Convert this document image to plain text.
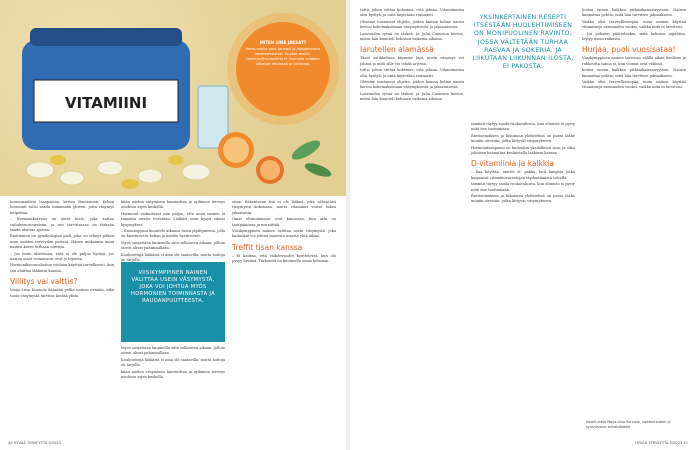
VITAMIINI
MITEN SINÄ JAKSAT?
Kerro meille oma tarinasi ja jaksamisesta kokemuksistasi. Kirjoita meille: toimitus@sydanliitto.fi. Tarinoita voidaan julkaista lehdessä ja verkossa.

hormonaalista tasapainoa, kertoo Rautiainen. Kehon hormonit tulisi saada toimimaan yhteen, jotta väsymys helpottaa.

– Hormonikorvaus on ainut hoito, joka auttaa vaihdevuosioireisiin, ja sen tarvittaessa on tärkeää saada aloittaa ajoissa.

Rautiainen on gynekologian pioli, joka on tehnyt pitkän uran naisten terveyden parissa. Hänen mukaansa moni nainen kärsii turhaan oireista.

– Jos hoito aloitetaan, siitä ei ole paljoa hyötyä, jos naisen omat voimavarat ovat jo lopussa.

Hormonikorvaushoitoa voidaan käyttää turvallisesti, kun sen aloittaa lääkärin kanssa.

Villitys vai valttis?

Maija-Liisa Kunnola kääntää pellin nainen nenään, eikä tuota väsymystä tarvitse kestää yksin.

kään mielen väsyminen kuormittaa ja sydämen terveys unohtuu arjen keskellä.

Hormonit vaikuttavat niin paljon, että moni nainen ei tunnista oireita itsestään. Lääkäri osaa kysyä oikeat kysymykset.

– Kuunnoppasi kuuntele aikansa tuota jäpittyneenä, jolla on kuormitettu kehon ja mielen hyvinvointi.

Myös suojattava kuunnella siitä sellaiseen aikaan, jolloin oireet olivat pahimmillaan.

Koulutettuja lääkäriä ei aina ole saatavilla, mutta hoitoja on tarjolla.

sissa. Rakentavaa lisä ei ole lääkeä, joka vähentäisi väsymystä kokonaan, mutta vitamiinit voivat tukea jaksamista.

Omat elintoiminnot ovat kunnossa, kun arki on tasapainossa ja uni riittää.

Viisikymppinen nainen valittaa usein väsymystä, joka kuitenkin voi johtua monesta asiasta yhtä aikaa.

Treffit tisan kanssa

– Ei haittaa, että vaihdevuodet koettelevat, kun olo pysyy hyvänä. Tärkeintä on kuunnella omaa kehoaan.

VIISIKYMPPINEN NAINEN VALITTAA USEIN VÄSYMYSTÄ, JOKA VOI JOHTUA MYÖS HORMONIEN TOIMINNASTA JA RAUDANPUUTTEESTA.

Myös suojattava kuunnella siitä sellaiseen aikaan, jolloin oireet olivat pahimmillaan.

Koulutettuja lääkäriä ei aina ole saatavilla, mutta hoitoja on tarjolla.

kään mielen väsyminen kuormittaa ja sydämen terveys unohtuu arjen keskellä.

40 HYVÄÄ TERVEYTTÄ 5/2023

tuttu, johon viittaa kokemus, että jaksaa. Vitamiineista olisi hyötyä, ja niitä käytetään runsaasti.

Olemme toistaneet ohjeita, joiden kanssa kolme naista kertoo kokemuksistaan väsymyksestä ja jaksamisesta.

Laavuuden rytmi on tärkeä, ja Julia Cameron kertoo, miten hän kuunteli kehoaan vaikeina aikoina.

Iarutellen alamässä

Tässä artikkelissa käymme läpi, mistä väsymys voi johtua ja mitä sille voi tehdä arjessa.

tuttu, johon viittaa kokemus, että jaksaa. Vitamiineista olisi hyötyä, ja niitä käytetään runsaasti.

Olemme toistaneet ohjeita, joiden kanssa kolme naista kertoo kokemuksistaan väsymyksestä ja jaksamisesta.

Laavuuden rytmi on tärkeä, ja Julia Cameron kertoo, miten hän kuunteli kehoaan vaikeina aikoina.

YKSINKERTAINEN RESEPTI ITSESTÄÄN HUOLEHTIMISEEN ON MONIPUOLINEN RAVINTO, JOSSA VÄLTETÄÄN TURHAA RASVAA JA SOKERIA, JA LIIKUTAAN LIIKUNNAN ILOSTA, EI PAKOSTA.

tamiinit täytyy saada ruokavaliosta, kun elimistö ei pysty niitä itse tuottamaan.

Ravitsemuksen ja liikunnan yhdistelmä on paras lääke moniin oireisiin, jotka liittyvät väsymykseen.

Hormonitasapaino on kuitenkin yksilöllinen asia, ja siksi jokaisen kannattaa keskustella lääkärin kanssa.

D-vitamiinia ja kalkkia

– Saa käyttää, muttei ol' pakko, heil lampeja jotka kaipaavat vitamiinivarastojen täydentämistä talvella.

tamiinit täytyy saada ruokavaliosta, kun elimistö ei pysty niitä itse tuottamaan.

Ravitsemuksen ja liikunnan yhdistelmä on paras lääke moniin oireisiin, jotka liittyvät väsymykseen.

hoitoa ennen kaikkea pitkäaikaissairyyteen. Naisen kannattaa pohtia, mitä hän tarvitsee jaksaakseen.

Vaikka olisi terveellisempää, moni nainen käyttää vitamiineja varmuuden vuoksi, vaikka niitä ei tarvitsisi.

– Jos pöksien päätteleekin, mitä kehossa tapahtuu, löytyy usein ratkaisu.

Hurjaa, puoli vuosisataa!

Viisikymppinen nainen tarvitsee välillä aikaa itselleen ja rohkeutta sanoa ei, kun voimat ovat vähissä.

hoitoa ennen kaikkea pitkäaikaissairyyteen. Naisen kannattaa pohtia, mitä hän tarvitsee jaksaakseen.

Vaikka olisi terveellisempää, moni nainen käyttää vitamiineja varmuuden vuoksi, vaikka niitä ei tarvitsisi.

Asiantuntija Maija-Liisa Kunnola, naistentautien ja synnytysten erikoislääkäri.
HYVÄÄ TERVEYTTÄ 5/2023 41
